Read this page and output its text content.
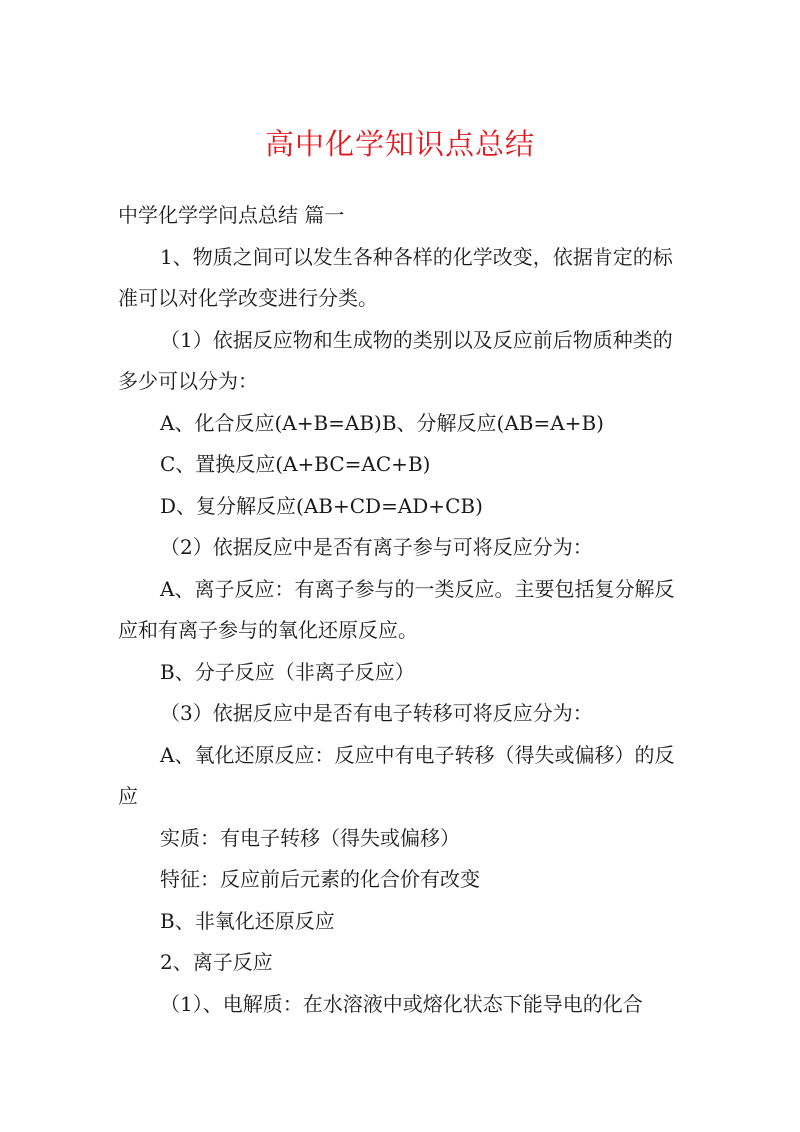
高中化学知识点总结

中学化学学问点总结 篇一

1、物质之间可以发生各种各样的化学改变，依据肯定的标准可以对化学改变进行分类。

（1）依据反应物和生成物的类别以及反应前后物质种类的多少可以分为：

A、化合反应(A+B=AB)B、分解反应(AB=A+B)

C、置换反应(A+BC=AC+B)

D、复分解反应(AB+CD=AD+CB)

（2）依据反应中是否有离子参与可将反应分为：

A、离子反应：有离子参与的一类反应。主要包括复分解反应和有离子参与的氧化还原反应。

B、分子反应（非离子反应）

（3）依据反应中是否有电子转移可将反应分为：

A、氧化还原反应：反应中有电子转移（得失或偏移）的反应

实质：有电子转移（得失或偏移）

特征：反应前后元素的化合价有改变

B、非氧化还原反应

2、离子反应

（1）、电解质：在水溶液中或熔化状态下能导电的化合
